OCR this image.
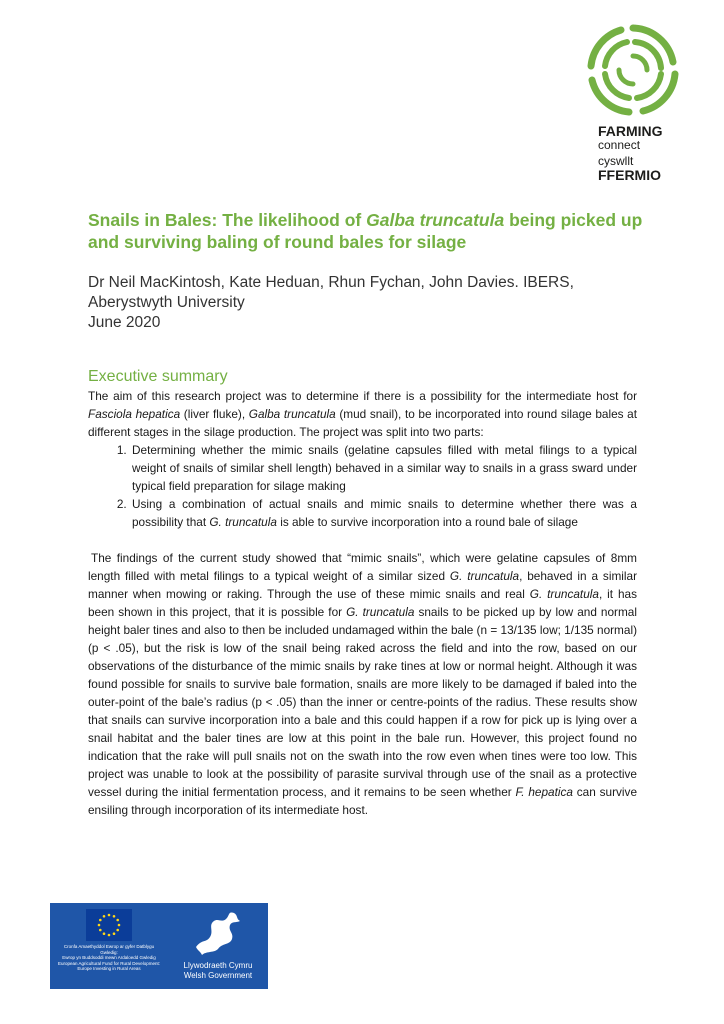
FARMING
connect
cyswllt
FFERMIO
Snails in Bales: The likelihood of Galba truncatula being picked up and surviving baling of round bales for silage
Dr Neil MacKintosh, Kate Heduan, Rhun Fychan, John Davies. IBERS,
Aberystwyth University
June 2020
Executive summary

The aim of this research project was to determine if there is a possibility for the intermediate host for Fasciola hepatica (liver fluke), Galba truncatula (mud snail), to be incorporated into round silage bales at different stages in the silage production. The project was split into two parts:

1. Determining whether the mimic snails (gelatine capsules filled with metal filings to a typical weight of snails of similar shell length) behaved in a similar way to snails in a grass sward under typical field preparation for silage making
2. Using a combination of actual snails and mimic snails to determine whether there was a possibility that G. truncatula is able to survive incorporation into a round bale of silage

The findings of the current study showed that “mimic snails”, which were gelatine capsules of 8mm length filled with metal filings to a typical weight of a similar sized G. truncatula, behaved in a similar manner when mowing or raking. Through the use of these mimic snails and real G. truncatula, it has been shown in this project, that it is possible for G. truncatula snails to be picked up by low and normal height baler tines and also to then be included undamaged within the bale (n = 13/135 low; 1/135 normal) (p < .05), but the risk is low of the snail being raked across the field and into the row, based on our observations of the disturbance of the mimic snails by rake tines at low or normal height. Although it was found possible for snails to survive bale formation, snails are more likely to be damaged if baled into the outer-point of the bale’s radius (p < .05) than the inner or centre-points of the radius. These results show that snails can survive incorporation into a bale and this could happen if a row for pick up is lying over a snail habitat and the baler tines are low at this point in the bale run. However, this project found no indication that the rake will pull snails not on the swath into the row even when tines were too low. This project was unable to look at the possibility of parasite survival through use of the snail as a protective vessel during the initial fermentation process, and it remains to be seen whether F. hepatica can survive ensiling through incorporation of its intermediate host.

Cronfa Amaethyddol Ewrop ar gyfer Datblygu Gwledig:
Ewrop yn Buddsoddi mewn Ardaloedd Gwledig
European Agricultural Fund for Rural Development:
Europe Investing in Rural Areas	Llywodraeth Cymru
Welsh Government
